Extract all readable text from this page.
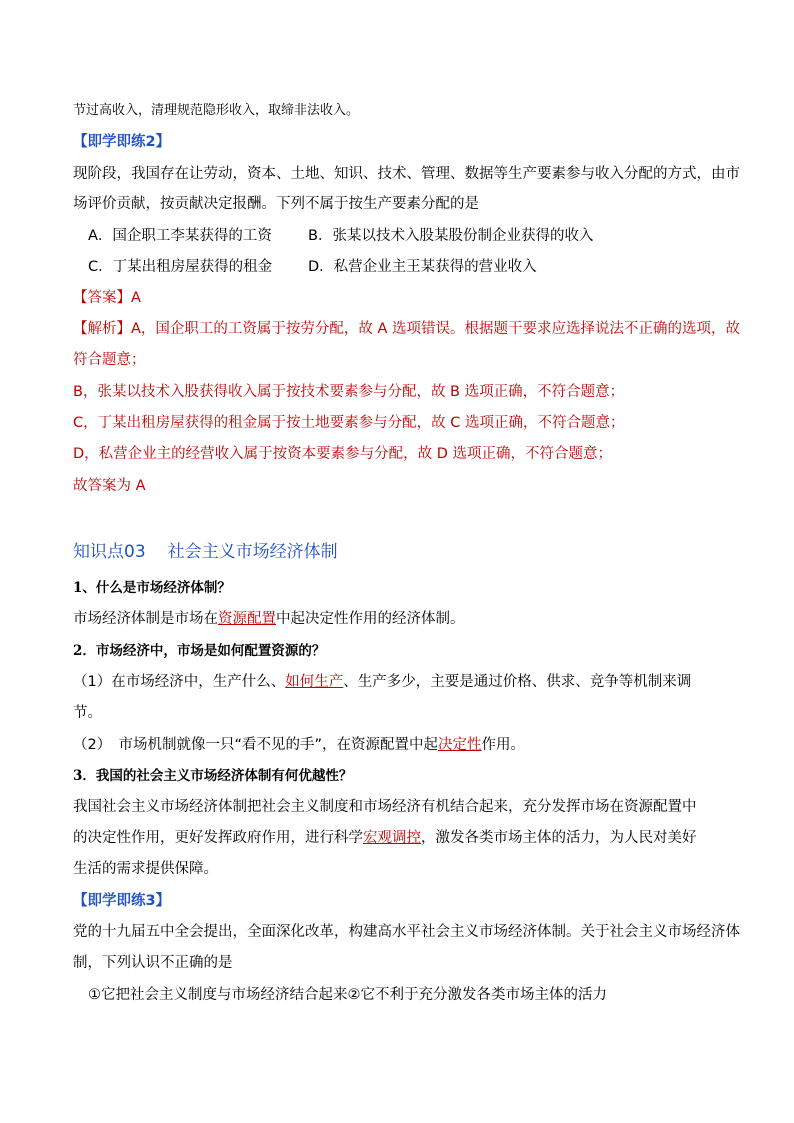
节过高收入，清理规范隐形收入，取缔非法收入。
【即学即练2】
现阶段，我国存在让劳动，资本、土地、知识、技术、管理、数据等生产要素参与收入分配的方式，由市
场评价贡献，按贡献决定报酬。下列不属于按生产要素分配的是
A．国企职工李某获得的工资 B．张某以技术入股某股份制企业获得的收入
C．丁某出租房屋获得的租金 D．私营企业主王某获得的营业收入
【答案】A
【解析】A，国企职工的工资属于按劳分配，故 A 选项错误。根据题干要求应选择说法不正确的选项，故
符合题意；
B，张某以技术入股获得收入属于按技术要素参与分配，故 B 选项正确，不符合题意；
C，丁某出租房屋获得的租金属于按土地要素参与分配，故 C 选项正确，不符合题意；
D，私营企业主的经营收入属于按资本要素参与分配，故 D 选项正确，不符合题意；
故答案为 A
知识点03 社会主义市场经济体制
1、什么是市场经济体制？
市场经济体制是市场在资源配置中起决定性作用的经济体制。
2．市场经济中，市场是如何配置资源的？
（1）在市场经济中，生产什么、如何生产、生产多少，主要是通过价格、供求、竞争等机制来调
节。
（2）　市场机制就像一只“看不见的手”，在资源配置中起决定性作用。
3．我国的社会主义市场经济体制有何优越性？
我国社会主义市场经济体制把社会主义制度和市场经济有机结合起来，充分发挥市场在资源配置中
的决定性作用，更好发挥政府作用，进行科学宏观调控，激发各类市场主体的活力，为人民对美好
生活的需求提供保障。
【即学即练3】
党的十九届五中全会提出，全面深化改革，构建高水平社会主义市场经济体制。关于社会主义市场经济体
制，下列认识不正确的是
①它把社会主义制度与市场经济结合起来②它不利于充分激发各类市场主体的活力
